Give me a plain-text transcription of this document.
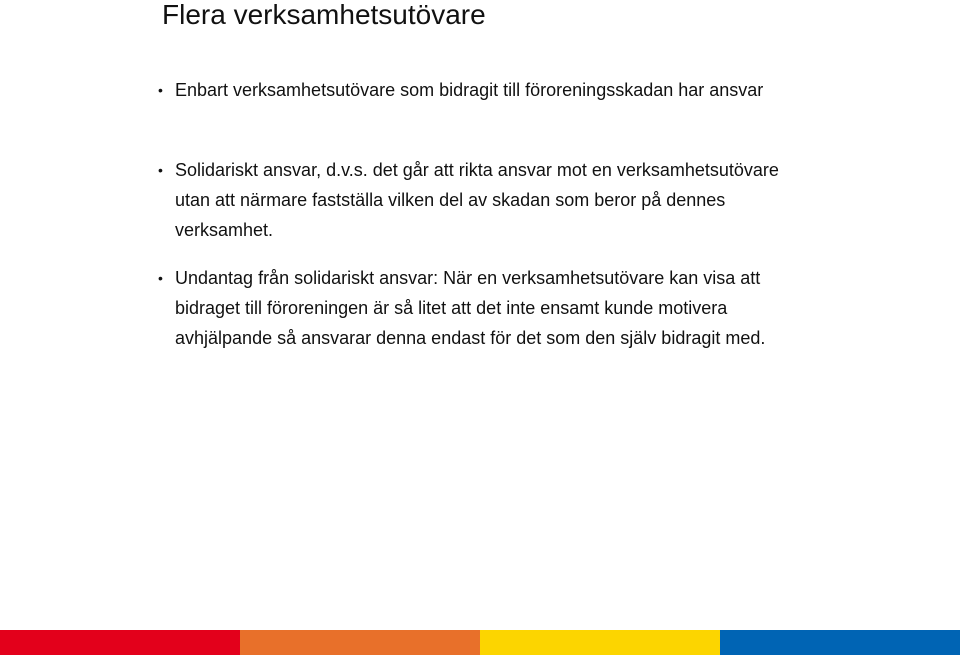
Flera verksamhetsutövare
• Enbart verksamhetsutövare som bidragit till föroreningsskadan har ansvar
• Solidariskt ansvar, d.v.s. det går att rikta ansvar mot en verksamhetsutövare utan att närmare fastställa vilken del av skadan som beror på dennes verksamhet.
• Undantag från solidariskt ansvar: När en verksamhetsutövare kan visa att bidraget till föroreningen är så litet att det inte ensamt kunde motivera avhjälpande så ansvarar denna endast för det som den själv bidragit med.
